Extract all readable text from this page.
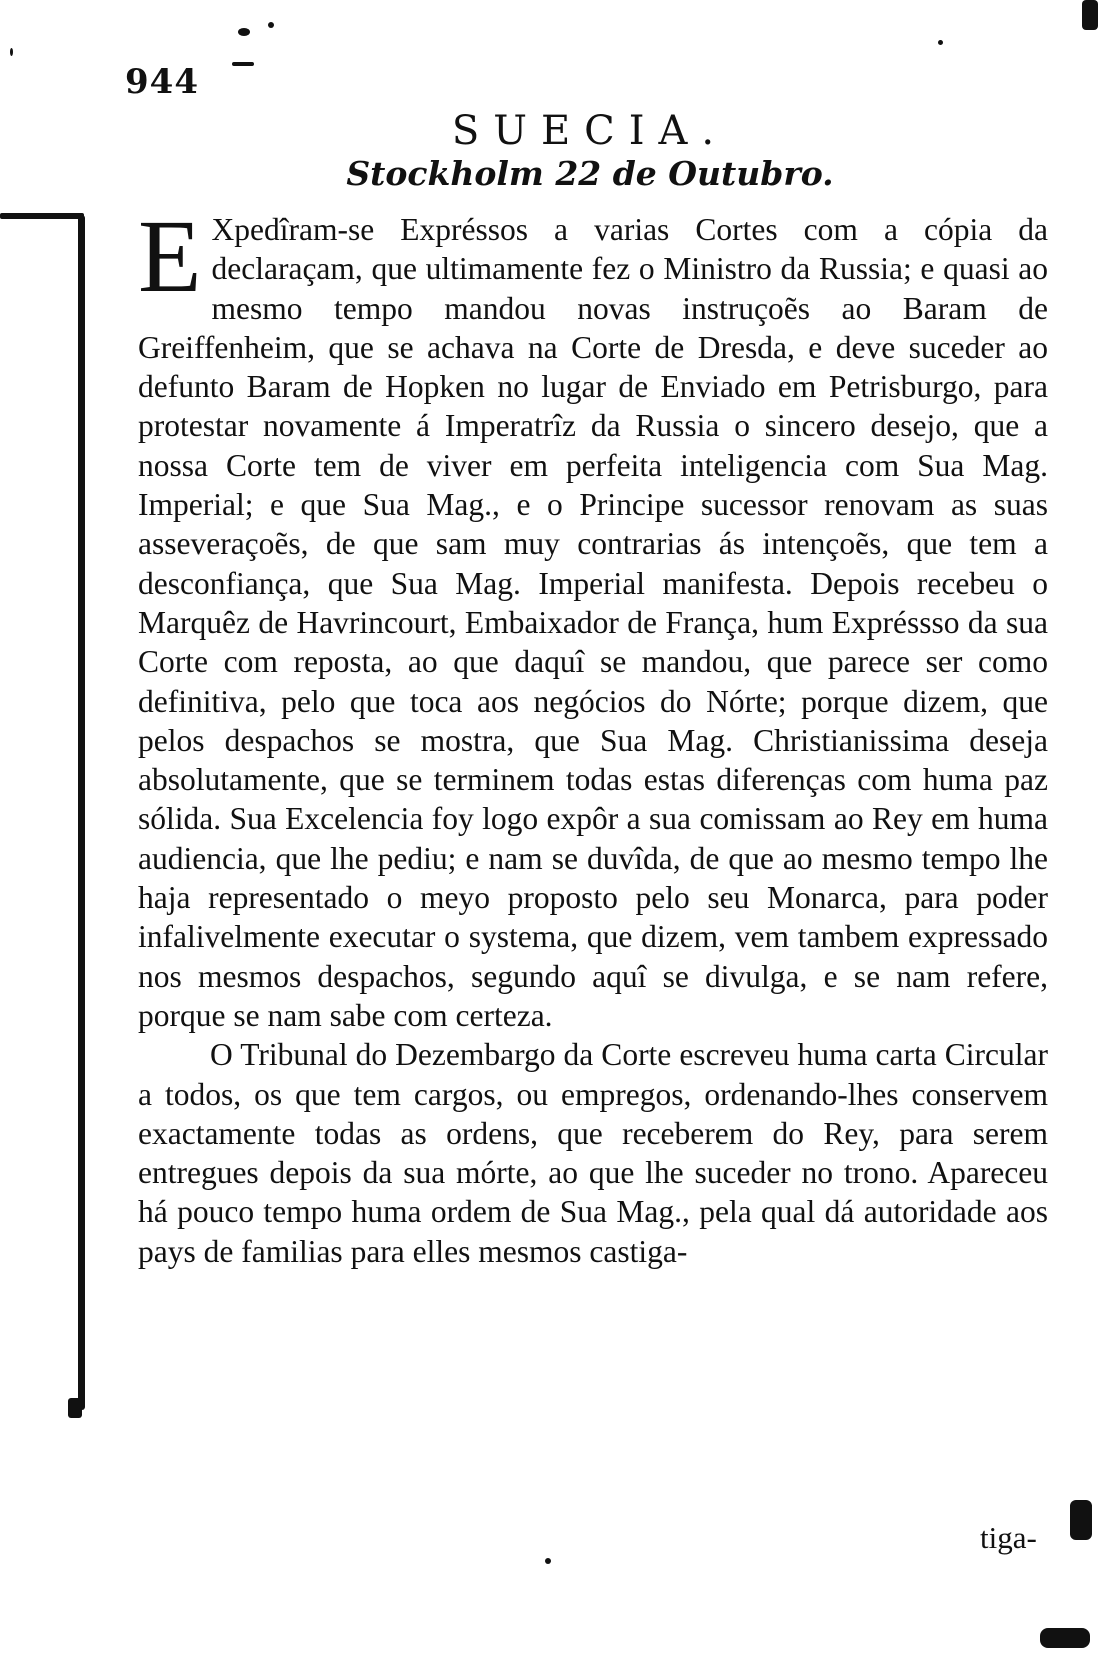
944
SUECIA.
Stockholm 22 de Outubro.

E Xpedîram-se Expréssos a varias Cortes com a cópia da declaraçam, que ultimamente fez o Ministro da Russia; e quasi ao mesmo tempo mandou novas instruçoẽs ao Baram de Greiffenheim, que se achava na Corte de Dresda, e deve suceder ao defunto Baram de Hopken no lugar de Enviado em Petrisburgo, para protestar novamente á Imperatrîz da Russia o sincero desejo, que a nossa Corte tem de viver em perfeita inteligencia com Sua Mag. Imperial; e que Sua Mag., e o Principe sucessor renovam as suas asseveraçoẽs, de que sam muy contrarias ás intençoẽs, que tem a desconfiança, que Sua Mag. Imperial manifesta. Depois recebeu o Marquêz de Havrincourt, Embaixador de França, hum Expréssso da sua Corte com reposta, ao que daquî se mandou, que parece ser como definitiva, pelo que toca aos negócios do Nórte; porque dizem, que pelos despachos se mostra, que Sua Mag. Christianissima deseja absolutamente, que se terminem todas estas diferenças com huma paz sólida. Sua Excelencia foy logo expôr a sua comissam ao Rey em huma audiencia, que lhe pediu; e nam se duvîda, de que ao mesmo tempo lhe haja representado o meyo proposto pelo seu Monarca, para poder infalivelmente executar o systema, que dizem, vem tambem expressado nos mesmos despachos, segundo aquî se divulga, e se nam refere, porque se nam sabe com certeza.

O Tribunal do Dezembargo da Corte escreveu huma carta Circular a todos, os que tem cargos, ou empregos, ordenando-lhes conservem exactamente todas as ordens, que receberem do Rey, para serem entregues depois da sua mórte, ao que lhe suceder no trono. Apareceu há pouco tempo huma ordem de Sua Mag., pela qual dá autoridade aos pays de familias para elles mesmos castiga-

tiga-
